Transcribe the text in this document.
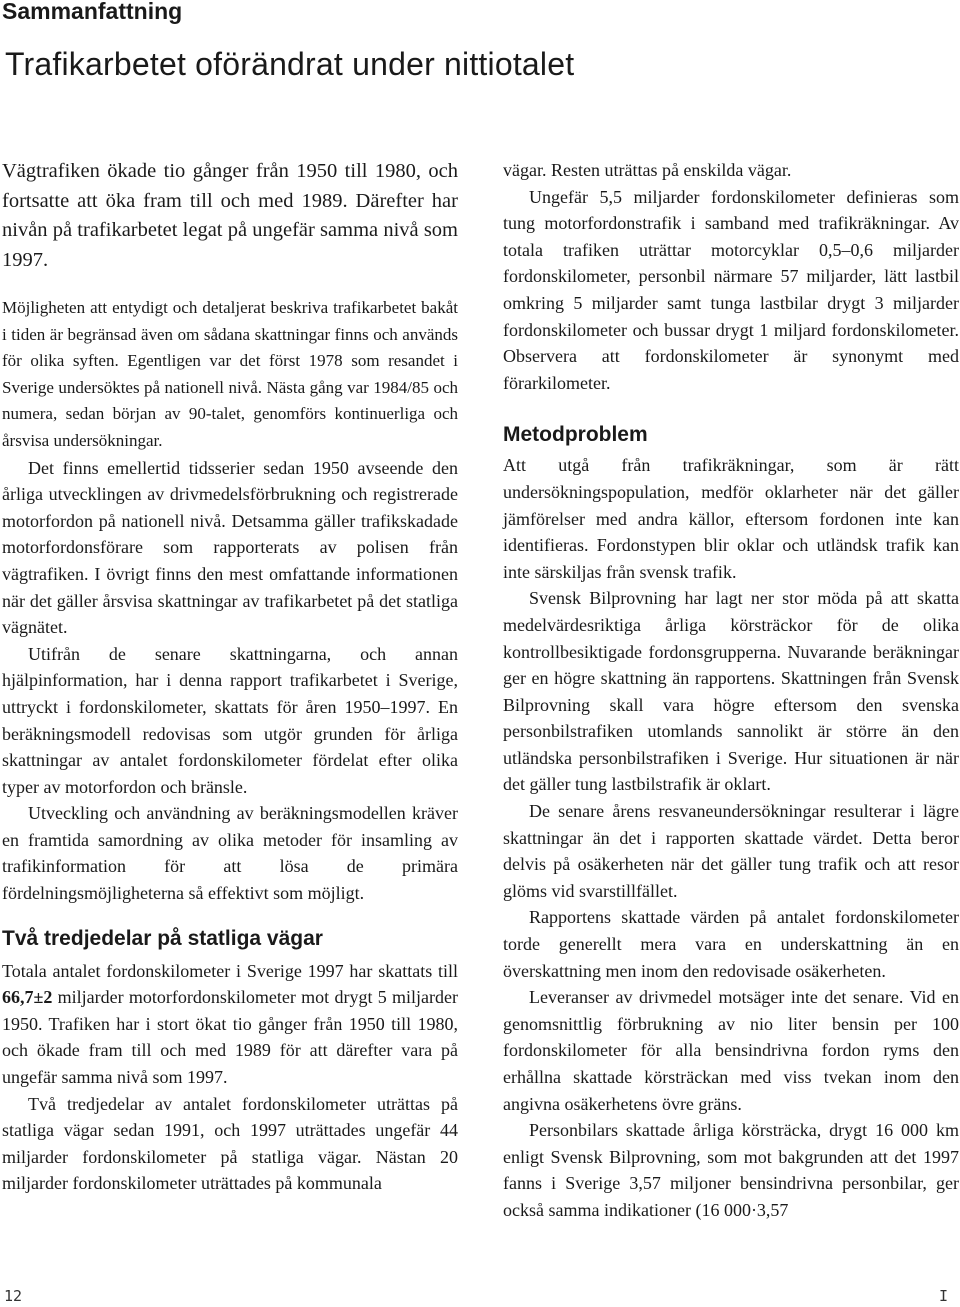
Sammanfattning
Trafikarbetet oförändrat under nittiotalet

Vägtrafiken ökade tio gånger från 1950 till 1980, och fortsatte att öka fram till och med 1989. Därefter har nivån på trafikarbetet legat på ungefär samma nivå som 1997.

Möjligheten att entydigt och detaljerat beskriva trafikarbetet bakåt i tiden är begränsad även om sådana skattningar finns och används för olika syften. Egentligen var det först 1978 som resandet i Sverige undersöktes på nationell nivå. Nästa gång var 1984/85 och numera, sedan början av 90-talet, genomförs kontinuerliga och årsvisa undersökningar.

Det finns emellertid tidsserier sedan 1950 avseende den årliga utvecklingen av drivmedelsförbrukning och registrerade motorfordon på nationell nivå. Detsamma gäller trafikskadade motorfordonsförare som rapporterats av polisen från vägtrafiken. I övrigt finns den mest omfattande informationen när det gäller årsvisa skattningar av trafikarbetet på det statliga vägnätet.

Utifrån de senare skattningarna, och annan hjälpinformation, har i denna rapport trafikarbetet i Sverige, uttryckt i fordonskilometer, skattats för åren 1950–1997. En beräkningsmodell redovisas som utgör grunden för årliga skattningar av antalet fordonskilometer fördelat efter olika typer av motorfordon och bränsle.

Utveckling och användning av beräkningsmodellen kräver en framtida samordning av olika metoder för insamling av trafikinformation för att lösa de primära fördelningsmöjligheterna så effektivt som möjligt.

Två tredjedelar på statliga vägar

Totala antalet fordonskilometer i Sverige 1997 har skattats till 66,7±2 miljarder motorfordonskilometer mot drygt 5 miljarder 1950. Trafiken har i stort ökat tio gånger från 1950 till 1980, och ökade fram till och med 1989 för att därefter vara på ungefär samma nivå som 1997.

Två tredjedelar av antalet fordonskilometer uträttas på statliga vägar sedan 1991, och 1997 uträttades ungefär 44 miljarder fordonskilometer på statliga vägar. Nästan 20 miljarder fordonskilometer uträttades på kommunala

vägar. Resten uträttas på enskilda vägar.

Ungefär 5,5 miljarder fordonskilometer definieras som tung motorfordonstrafik i samband med trafikräkningar. Av totala trafiken uträttar motorcyklar 0,5–0,6 miljarder fordonskilometer, personbil närmare 57 miljarder, lätt lastbil omkring 5 miljarder samt tunga lastbilar drygt 3 miljarder fordonskilometer och bussar drygt 1 miljard fordonskilometer. Observera att fordonskilometer är synonymt med förarkilometer.

Metodproblem

Att utgå från trafikräkningar, som är rätt undersökningspopulation, medför oklarheter när det gäller jämförelser med andra källor, eftersom fordonen inte kan identifieras. Fordonstypen blir oklar och utländsk trafik kan inte särskiljas från svensk trafik.

Svensk Bilprovning har lagt ner stor möda på att skatta medelvärdesriktiga årliga körsträckor för de olika kontrollbesiktigade fordonsgrupperna. Nuvarande beräkningar ger en högre skattning än rapportens. Skattningen från Svensk Bilprovning skall vara högre eftersom den svenska personbilstrafiken utomlands sannolikt är större än den utländska personbilstrafiken i Sverige. Hur situationen är när det gäller tung lastbilstrafik är oklart.

De senare årens resvaneundersökningar resulterar i lägre skattningar än det i rapporten skattade värdet. Detta beror delvis på osäkerheten när det gäller tung trafik och att resor glöms vid svarstillfället.

Rapportens skattade värden på antalet fordonskilometer torde generellt mera vara en underskattning än en överskattning men inom den redovisade osäkerheten.

Leveranser av drivmedel motsäger inte det senare. Vid en genomsnittlig förbrukning av nio liter bensin per 100 fordonskilometer för alla bensindrivna fordon ryms den erhållna skattade körsträckan med viss tvekan inom den angivna osäkerhetens övre gräns.

Personbilars skattade årliga körsträcka, drygt 16 000 km enligt Svensk Bilprovning, som mot bakgrunden att det 1997 fanns i Sverige 3,57 miljoner bensindrivna personbilar, ger också samma indikationer (16 000·3,57

12	I
